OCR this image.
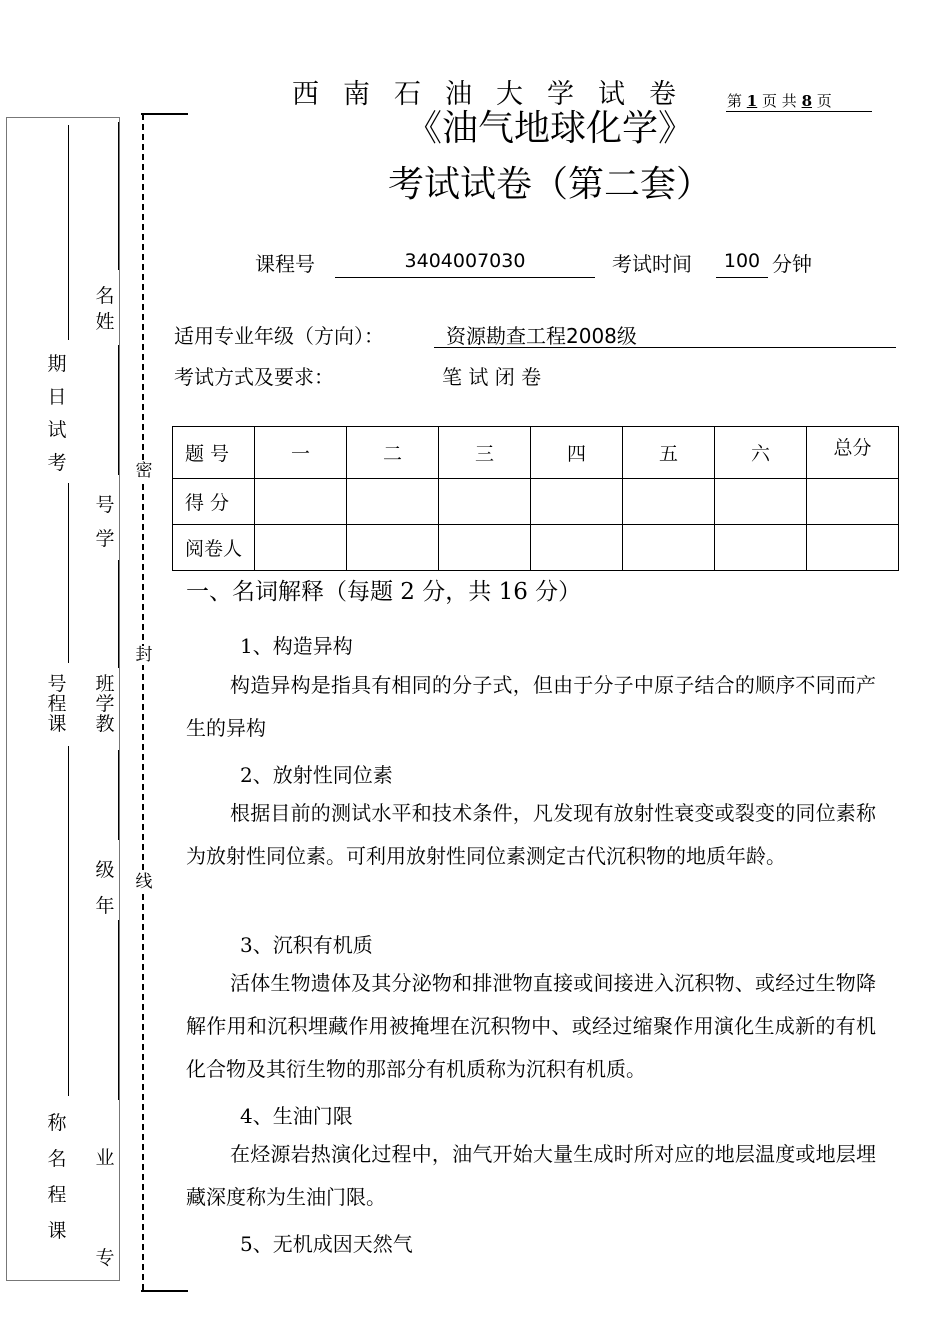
名姓
号学
班学教
级年
业专
期日试考
号程课
称名程课
密
封
线
西南石油大学试卷 第 1 页 共 8 页
《油气地球化学》
考试试卷（第二套）
课程号	3404007030	考试时间	100 分钟
适用专业年级（方向）：	资源勘查工程2008级
考试方式及要求：	笔 试 闭 卷
题 号	一	二	三	四	五	六	总分
得 分							
阅卷人							
一、名词解释（每题 2 分，共 16 分）
1、构造异构

构造异构是指具有相同的分子式，但由于分子中原子结合的顺序不同而产生的异构

2、放射性同位素

根据目前的测试水平和技术条件，凡发现有放射性衰变或裂变的同位素称为放射性同位素。可利用放射性同位素测定古代沉积物的地质年龄。

3、沉积有机质

活体生物遗体及其分泌物和排泄物直接或间接进入沉积物、或经过生物降解作用和沉积埋藏作用被掩埋在沉积物中、或经过缩聚作用演化生成新的有机化合物及其衍生物的那部分有机质称为沉积有机质。

4、生油门限

在烃源岩热演化过程中，油气开始大量生成时所对应的地层温度或地层埋藏深度称为生油门限。

5、无机成因天然气
